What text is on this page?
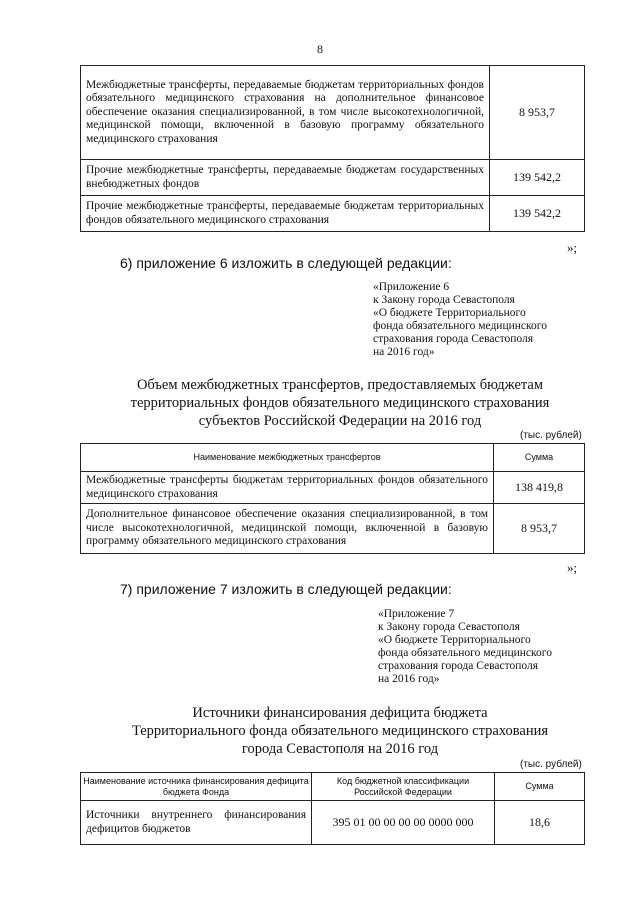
8
Межбюджетные трансферты, передаваемые бюджетам территориальных фондов обязательного медицинского страхования на дополнительное финансовое обеспечение оказания специализированной, в том числе высокотехнологичной, медицинской помощи, включенной в базовую программу обязательного медицинского страхования	8 953,7
Прочие межбюджетные трансферты, передаваемые бюджетам государственных внебюджетных фондов	139 542,2
Прочие межбюджетные трансферты, передаваемые бюджетам территориальных фондов обязательного медицинского страхования	139 542,2
»;
6) приложение 6 изложить в следующей редакции:
«Приложение 6
к Закону города Севастополя
«О бюджете Территориального
фонда обязательного медицинского
страхования города Севастополя
на 2016 год»
Объем межбюджетных трансфертов, предоставляемых бюджетам
территориальных фондов обязательного медицинского страхования
субъектов Российской Федерации на 2016 год
(тыс. рублей)
Наименование межбюджетных трансфертов	Сумма
Межбюджетные трансферты бюджетам территориальных фондов обязательного медицинского страхования	138 419,8
Дополнительное финансовое обеспечение оказания специализированной, в том числе высокотехнологичной, медицинской помощи, включенной в базовую программу обязательного медицинского страхования	8 953,7
»;
7) приложение 7 изложить в следующей редакции:
«Приложение 7
к Закону города Севастополя
«О бюджете Территориального
фонда обязательного медицинского
страхования города Севастополя
на 2016 год»
Источники финансирования дефицита бюджета
Территориального фонда обязательного медицинского страхования
города Севастополя на 2016 год
(тыс. рублей)
Наименование источника финансирования дефицита бюджета Фонда	Код бюджетной классификации Российской Федерации	Сумма
Источники внутреннего финансирования дефицитов бюджетов	395 01 00 00 00 00 0000 000	18,6
